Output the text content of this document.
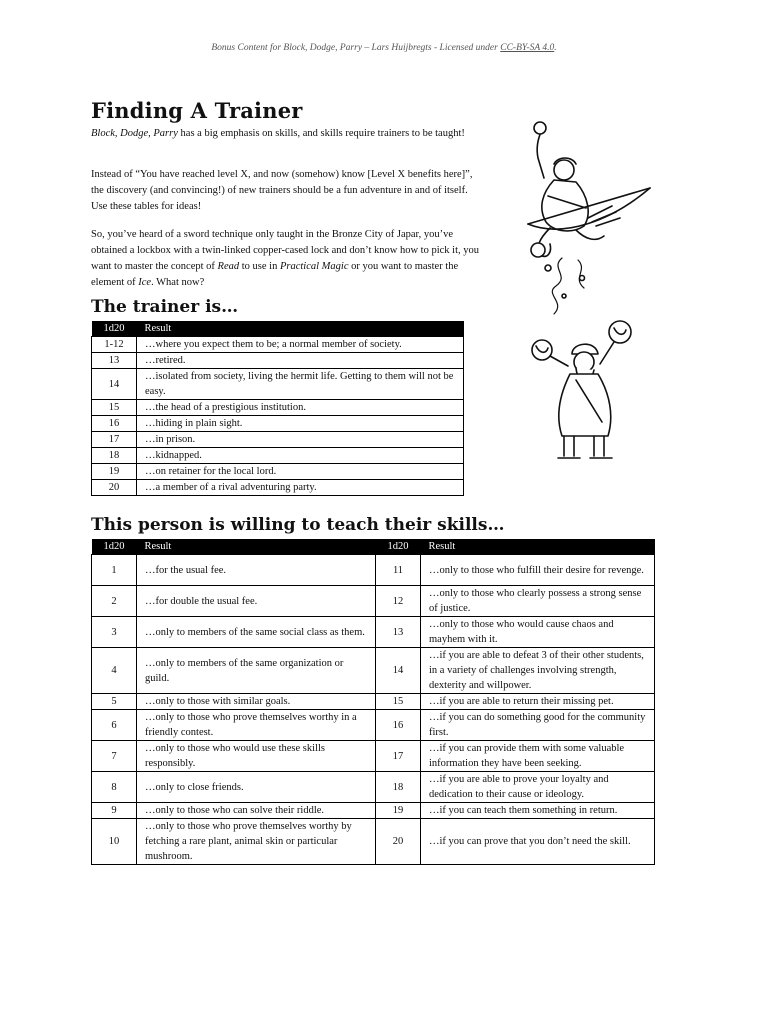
Bonus Content for Block, Dodge, Parry – Lars Huijbregts - Licensed under CC-BY-SA 4.0.
Finding A Trainer

Block, Dodge, Parry has a big emphasis on skills, and skills require trainers to be taught!

Instead of “You have reached level X, and now (somehow) know [Level X benefits here]”, the discovery (and convincing!) of new trainers should be a fun adventure in and of itself. Use these tables for ideas!

So, you’ve heard of a sword technique only taught in the Bronze City of Japar, you’ve obtained a lockbox with a twin-linked copper-cased lock and don’t know how to pick it, you want to master the concept of Read to use in Practical Magic or you want to master the element of Ice. What now?

The trainer is…
1d20	Result
1-12	…where you expect them to be; a normal member of society.
13	…retired.
14	…isolated from society, living the hermit life. Getting to them will not be easy.
15	…the head of a prestigious institution.
16	…hiding in plain sight.
17	…in prison.
18	…kidnapped.
19	…on retainer for the local lord.
20	…a member of a rival adventuring party.
This person is willing to teach their skills…
1d20	Result	1d20	Result
1	…for the usual fee.	11	…only to those who fulfill their desire for revenge.
2	…for double the usual fee.	12	…only to those who clearly possess a strong sense of justice.
3	…only to members of the same social class as them.	13	…only to those who would cause chaos and mayhem with it.
4	…only to members of the same organization or guild.	14	…if you are able to defeat 3 of their other students, in a variety of challenges involving strength, dexterity and willpower.
5	…only to those with similar goals.	15	…if you are able to return their missing pet.
6	…only to those who prove themselves worthy in a friendly contest.	16	…if you can do something good for the community first.
7	…only to those who would use these skills responsibly.	17	…if you can provide them with some valuable information they have been seeking.
8	…only to close friends.	18	…if you are able to prove your loyalty and dedication to their cause or ideology.
9	…only to those who can solve their riddle.	19	…if you can teach them something in return.
10	…only to those who prove themselves worthy by fetching a rare plant, animal skin or particular mushroom.	20	…if you can prove that you don’t need the skill.
